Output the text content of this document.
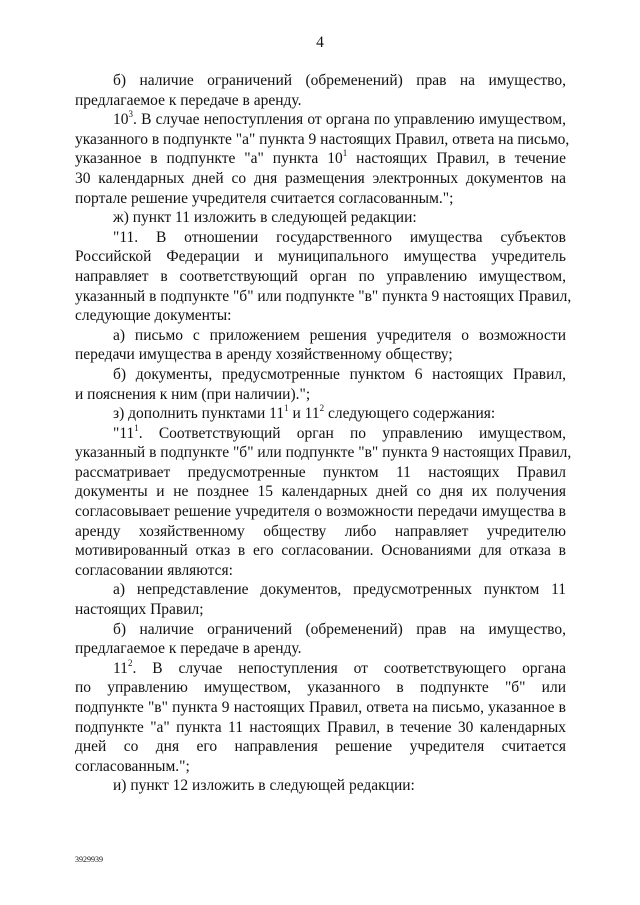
4
б) наличие ограничений (обременений) прав на имущество,
предлагаемое к передаче в аренду.
$10^3$. В случае непоступления от органа по управлению имуществом,
указанного в подпункте "а" пункта 9 настоящих Правил, ответа на письмо,
указанное в подпункте "а" пункта $10^1$ настоящих Правил, в течение
30 календарных дней со дня размещения электронных документов на
портале решение учредителя считается согласованным.";
ж) пункт 11 изложить в следующей редакции:
"11. В отношении государственного имущества субъектов
Российской Федерации и муниципального имущества учредитель
направляет в соответствующий орган по управлению имуществом,
указанный в подпункте "б" или подпункте "в" пункта 9 настоящих Правил,
следующие документы:
а) письмо с приложением решения учредителя о возможности
передачи имущества в аренду хозяйственному обществу;
б) документы, предусмотренные пунктом 6 настоящих Правил,
и пояснения к ним (при наличии).";
з) дополнить пунктами $11^1$ и $11^2$ следующего содержания:
"$11^1$. Соответствующий орган по управлению имуществом,
указанный в подпункте "б" или подпункте "в" пункта 9 настоящих Правил,
рассматривает предусмотренные пунктом 11 настоящих Правил
документы и не позднее 15 календарных дней со дня их получения
согласовывает решение учредителя о возможности передачи имущества в
аренду хозяйственному обществу либо направляет учредителю
мотивированный отказ в его согласовании. Основаниями для отказа в
согласовании являются:
а) непредставление документов, предусмотренных пунктом 11
настоящих Правил;
б) наличие ограничений (обременений) прав на имущество,
предлагаемое к передаче в аренду.
$11^2$. В случае непоступления от соответствующего органа
по управлению имуществом, указанного в подпункте "б" или
подпункте "в" пункта 9 настоящих Правил, ответа на письмо, указанное в
подпункте "а" пункта 11 настоящих Правил, в течение 30 календарных
дней со дня его направления решение учредителя считается
согласованным.";
и) пункт 12 изложить в следующей редакции:
3929939
